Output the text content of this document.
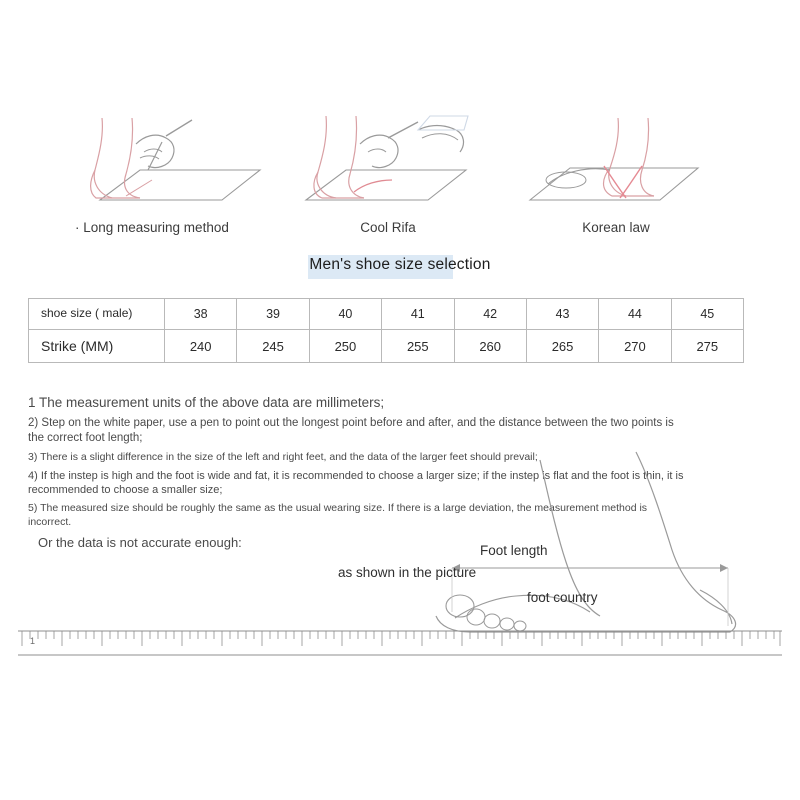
· Long measuring method	Cool Rifa	Korean law
Men's shoe size selection
shoe size ( male)	38	39	40	41	42	43	44	45
Strike (MM)	240	245	250	255	260	265	270	275
1 The measurement units of the above data are millimeters;
2) Step on the white paper, use a pen to point out the longest point before and after, and the distance between the two points is the correct foot length;
3) There is a slight difference in the size of the left and right feet, and the data of the larger feet should prevail;
4) If the instep is high and the foot is wide and fat, it is recommended to choose a larger size; if the instep is flat and the foot is thin, it is recommended to choose a smaller size;
5) The measured size should be roughly the same as the usual wearing size. If there is a large deviation, the measurement method is incorrect.
Or the data is not accurate enough:
Foot length
as shown in the picture
foot country
1
